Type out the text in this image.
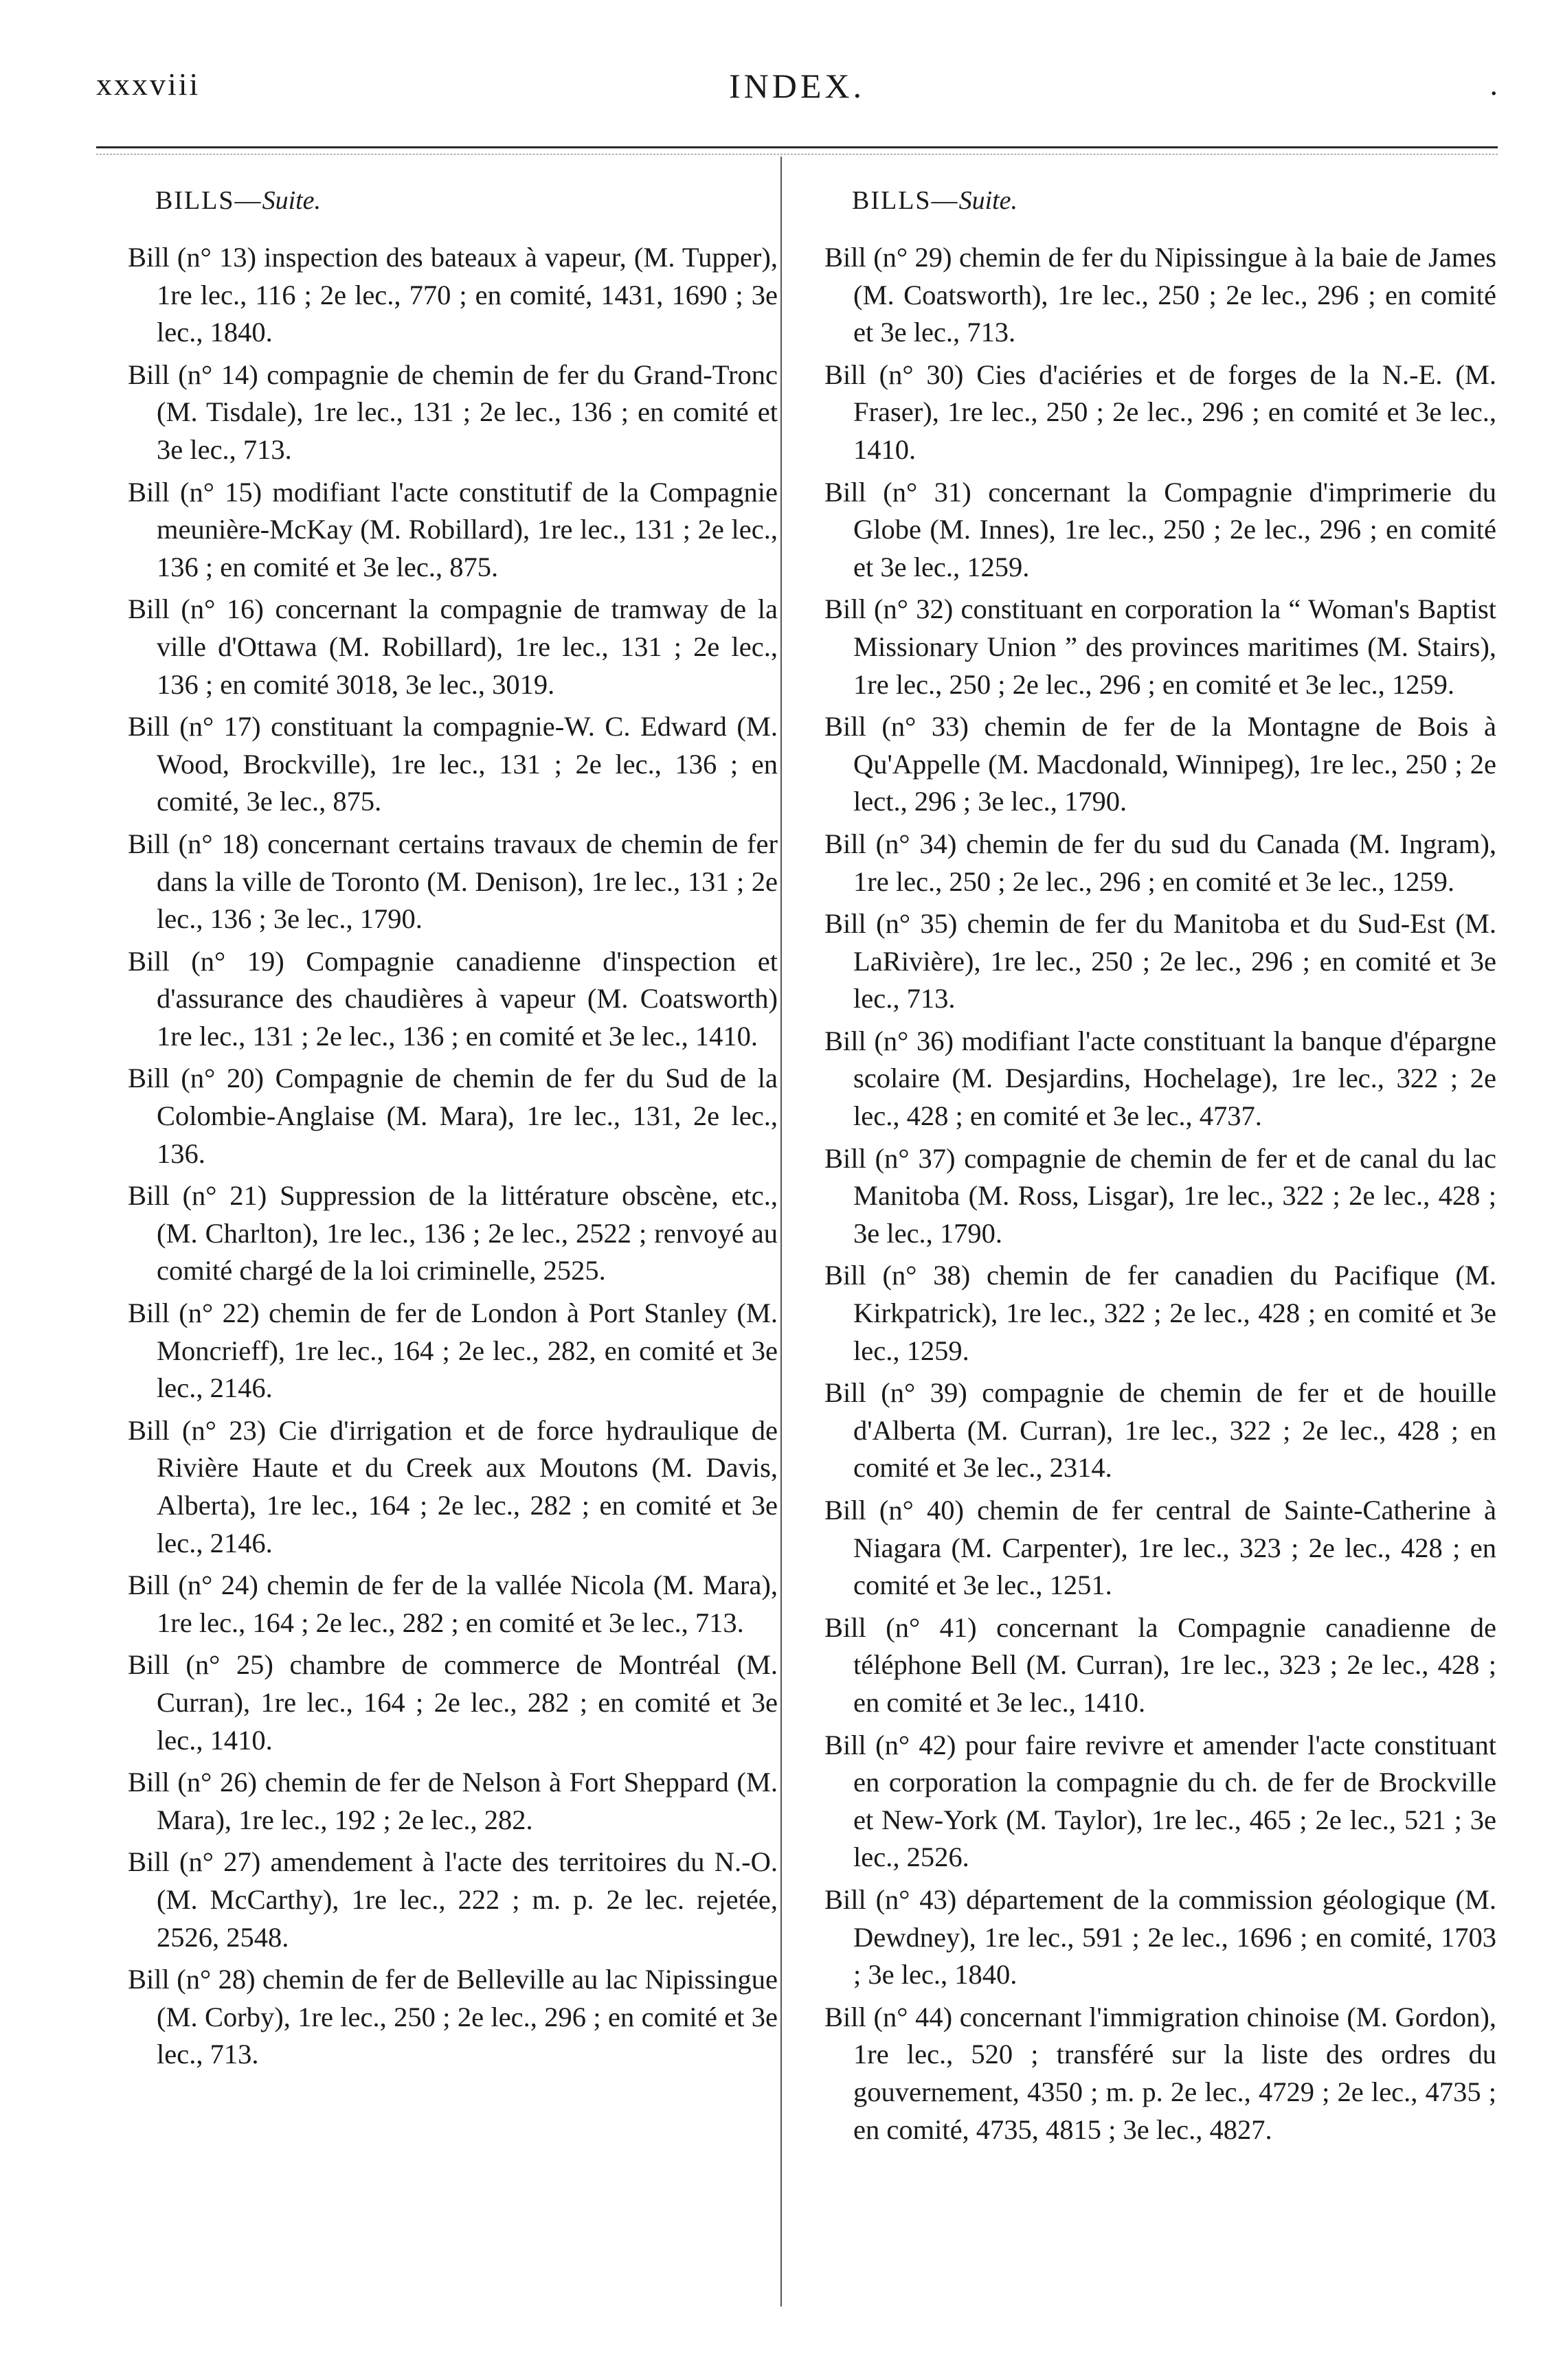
xxxviii	INDEX.	.
BILLS—Suite.

Bill (n° 13) inspection des bateaux à vapeur, (M. Tupper), 1re lec., 116 ; 2e lec., 770 ; en comité, 1431, 1690 ; 3e lec., 1840.

Bill (n° 14) compagnie de chemin de fer du Grand-Tronc (M. Tisdale), 1re lec., 131 ; 2e lec., 136 ; en comité et 3e lec., 713.

Bill (n° 15) modifiant l'acte constitutif de la Compagnie meunière-McKay (M. Robillard), 1re lec., 131 ; 2e lec., 136 ; en comité et 3e lec., 875.

Bill (n° 16) concernant la compagnie de tramway de la ville d'Ottawa (M. Robillard), 1re lec., 131 ; 2e lec., 136 ; en comité 3018, 3e lec., 3019.

Bill (n° 17) constituant la compagnie-W. C. Edward (M. Wood, Brockville), 1re lec., 131 ; 2e lec., 136 ; en comité, 3e lec., 875.

Bill (n° 18) concernant certains travaux de chemin de fer dans la ville de Toronto (M. Denison), 1re lec., 131 ; 2e lec., 136 ; 3e lec., 1790.

Bill (n° 19) Compagnie canadienne d'inspection et d'assurance des chaudières à vapeur (M. Coatsworth) 1re lec., 131 ; 2e lec., 136 ; en comité et 3e lec., 1410.

Bill (n° 20) Compagnie de chemin de fer du Sud de la Colombie-Anglaise (M. Mara), 1re lec., 131, 2e lec., 136.

Bill (n° 21) Suppression de la littérature obscène, etc., (M. Charlton), 1re lec., 136 ; 2e lec., 2522 ; renvoyé au comité chargé de la loi criminelle, 2525.

Bill (n° 22) chemin de fer de London à Port Stanley (M. Moncrieff), 1re lec., 164 ; 2e lec., 282, en comité et 3e lec., 2146.

Bill (n° 23) Cie d'irrigation et de force hydraulique de Rivière Haute et du Creek aux Moutons (M. Davis, Alberta), 1re lec., 164 ; 2e lec., 282 ; en comité et 3e lec., 2146.

Bill (n° 24) chemin de fer de la vallée Nicola (M. Mara), 1re lec., 164 ; 2e lec., 282 ; en comité et 3e lec., 713.

Bill (n° 25) chambre de commerce de Montréal (M. Curran), 1re lec., 164 ; 2e lec., 282 ; en comité et 3e lec., 1410.

Bill (n° 26) chemin de fer de Nelson à Fort Sheppard (M. Mara), 1re lec., 192 ; 2e lec., 282.

Bill (n° 27) amendement à l'acte des territoires du N.-O. (M. McCarthy), 1re lec., 222 ; m. p. 2e lec. rejetée, 2526, 2548.

Bill (n° 28) chemin de fer de Belleville au lac Nipissingue (M. Corby), 1re lec., 250 ; 2e lec., 296 ; en comité et 3e lec., 713.

BILLS—Suite.

Bill (n° 29) chemin de fer du Nipissingue à la baie de James (M. Coatsworth), 1re lec., 250 ; 2e lec., 296 ; en comité et 3e lec., 713.

Bill (n° 30) Cies d'aciéries et de forges de la N.-E. (M. Fraser), 1re lec., 250 ; 2e lec., 296 ; en comité et 3e lec., 1410.

Bill (n° 31) concernant la Compagnie d'imprimerie du Globe (M. Innes), 1re lec., 250 ; 2e lec., 296 ; en comité et 3e lec., 1259.

Bill (n° 32) constituant en corporation la “ Woman's Baptist Missionary Union ” des provinces maritimes (M. Stairs), 1re lec., 250 ; 2e lec., 296 ; en comité et 3e lec., 1259.

Bill (n° 33) chemin de fer de la Montagne de Bois à Qu'Appelle (M. Macdonald, Winnipeg), 1re lec., 250 ; 2e lect., 296 ; 3e lec., 1790.

Bill (n° 34) chemin de fer du sud du Canada (M. Ingram), 1re lec., 250 ; 2e lec., 296 ; en comité et 3e lec., 1259.

Bill (n° 35) chemin de fer du Manitoba et du Sud-Est (M. LaRivière), 1re lec., 250 ; 2e lec., 296 ; en comité et 3e lec., 713.

Bill (n° 36) modifiant l'acte constituant la banque d'épargne scolaire (M. Desjardins, Hochelage), 1re lec., 322 ; 2e lec., 428 ; en comité et 3e lec., 4737.

Bill (n° 37) compagnie de chemin de fer et de canal du lac Manitoba (M. Ross, Lisgar), 1re lec., 322 ; 2e lec., 428 ; 3e lec., 1790.

Bill (n° 38) chemin de fer canadien du Pacifique (M. Kirkpatrick), 1re lec., 322 ; 2e lec., 428 ; en comité et 3e lec., 1259.

Bill (n° 39) compagnie de chemin de fer et de houille d'Alberta (M. Curran), 1re lec., 322 ; 2e lec., 428 ; en comité et 3e lec., 2314.

Bill (n° 40) chemin de fer central de Sainte-Catherine à Niagara (M. Carpenter), 1re lec., 323 ; 2e lec., 428 ; en comité et 3e lec., 1251.

Bill (n° 41) concernant la Compagnie canadienne de téléphone Bell (M. Curran), 1re lec., 323 ; 2e lec., 428 ; en comité et 3e lec., 1410.

Bill (n° 42) pour faire revivre et amender l'acte constituant en corporation la compagnie du ch. de fer de Brockville et New-York (M. Taylor), 1re lec., 465 ; 2e lec., 521 ; 3e lec., 2526.

Bill (n° 43) département de la commission géologique (M. Dewdney), 1re lec., 591 ; 2e lec., 1696 ; en comité, 1703 ; 3e lec., 1840.

Bill (n° 44) concernant l'immigration chinoise (M. Gordon), 1re lec., 520 ; transféré sur la liste des ordres du gouvernement, 4350 ; m. p. 2e lec., 4729 ; 2e lec., 4735 ; en comité, 4735, 4815 ; 3e lec., 4827.
